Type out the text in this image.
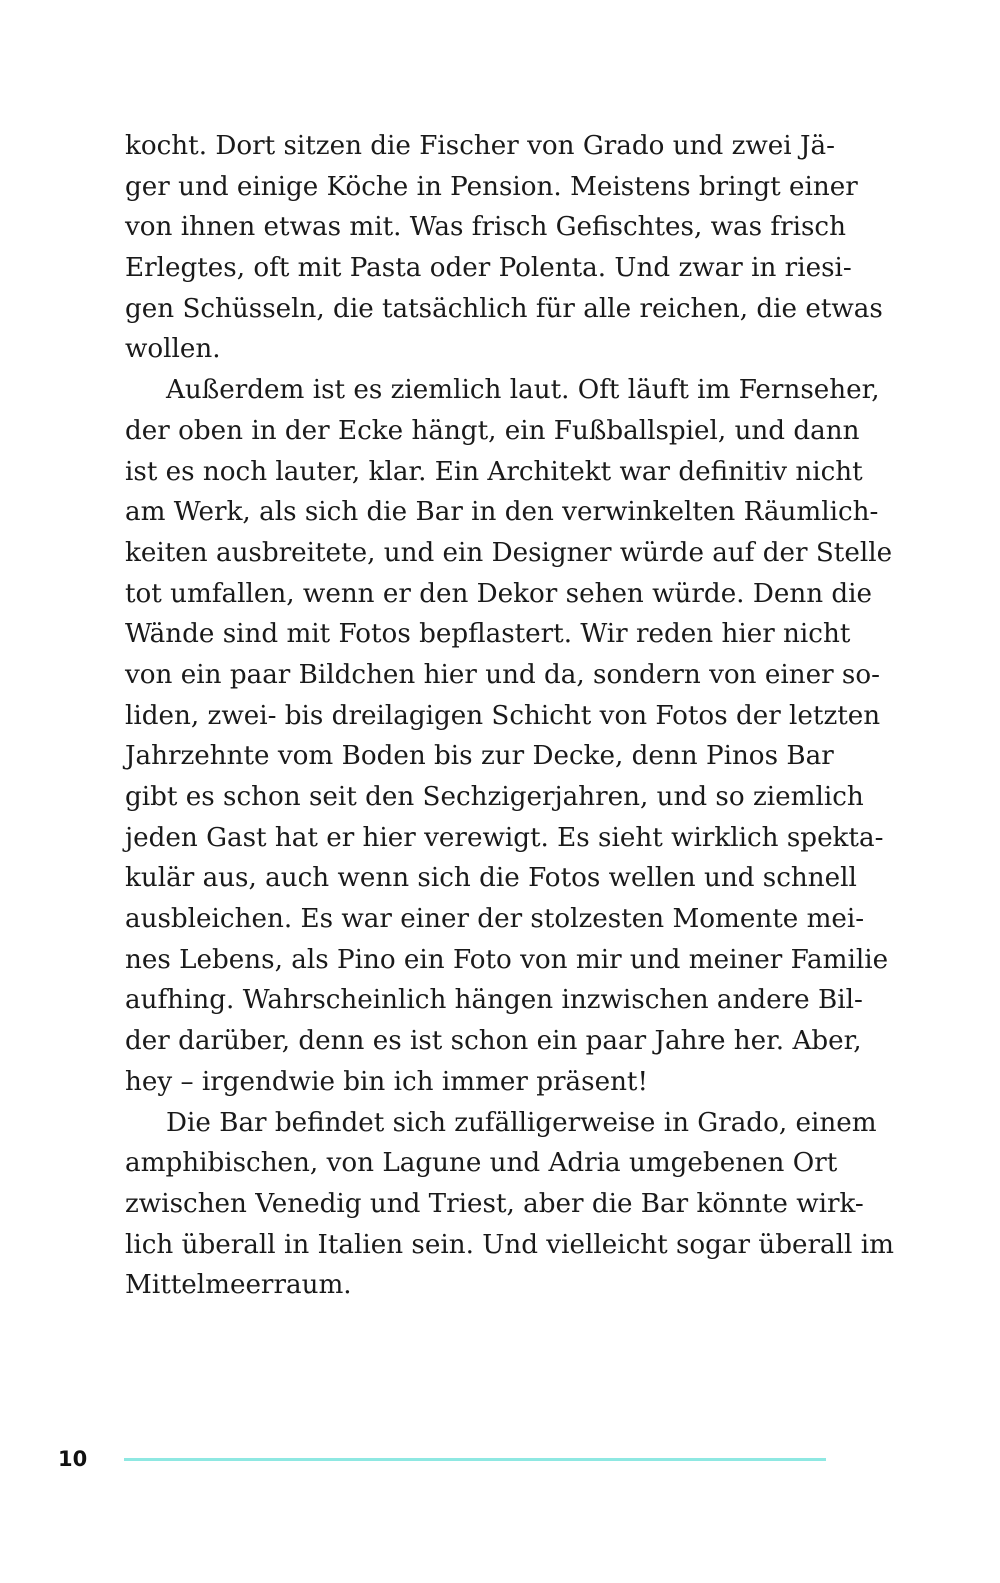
kocht. Dort sitzen die Fischer von Grado und zwei Jä-
ger und einige Köche in Pension. Meistens bringt einer
von ihnen etwas mit. Was frisch Gefischtes, was frisch
Erlegtes, oft mit Pasta oder Polenta. Und zwar in riesi-
gen Schüsseln, die tatsächlich für alle reichen, die etwas
wollen.
Außerdem ist es ziemlich laut. Oft läuft im Fernseher,
der oben in der Ecke hängt, ein Fußballspiel, und dann
ist es noch lauter, klar. Ein Architekt war definitiv nicht
am Werk, als sich die Bar in den verwinkelten Räumlich-
keiten ausbreitete, und ein Designer würde auf der Stelle
tot umfallen, wenn er den Dekor sehen würde. Denn die
Wände sind mit Fotos bepflastert. Wir reden hier nicht
von ein paar Bildchen hier und da, sondern von einer so-
liden, zwei- bis dreilagigen Schicht von Fotos der letzten
Jahrzehnte vom Boden bis zur Decke, denn Pinos Bar
gibt es schon seit den Sechzigerjahren, und so ziemlich
jeden Gast hat er hier verewigt. Es sieht wirklich spekta-
kulär aus, auch wenn sich die Fotos wellen und schnell
ausbleichen. Es war einer der stolzesten Momente mei-
nes Lebens, als Pino ein Foto von mir und meiner Familie
aufhing. Wahrscheinlich hängen inzwischen andere Bil-
der darüber, denn es ist schon ein paar Jahre her. Aber,
hey – irgendwie bin ich immer präsent!
Die Bar befindet sich zufälligerweise in Grado, einem
amphibischen, von Lagune und Adria umgebenen Ort
zwischen Venedig und Triest, aber die Bar könnte wirk-
lich überall in Italien sein. Und vielleicht sogar überall im
Mittelmeerraum.
10
